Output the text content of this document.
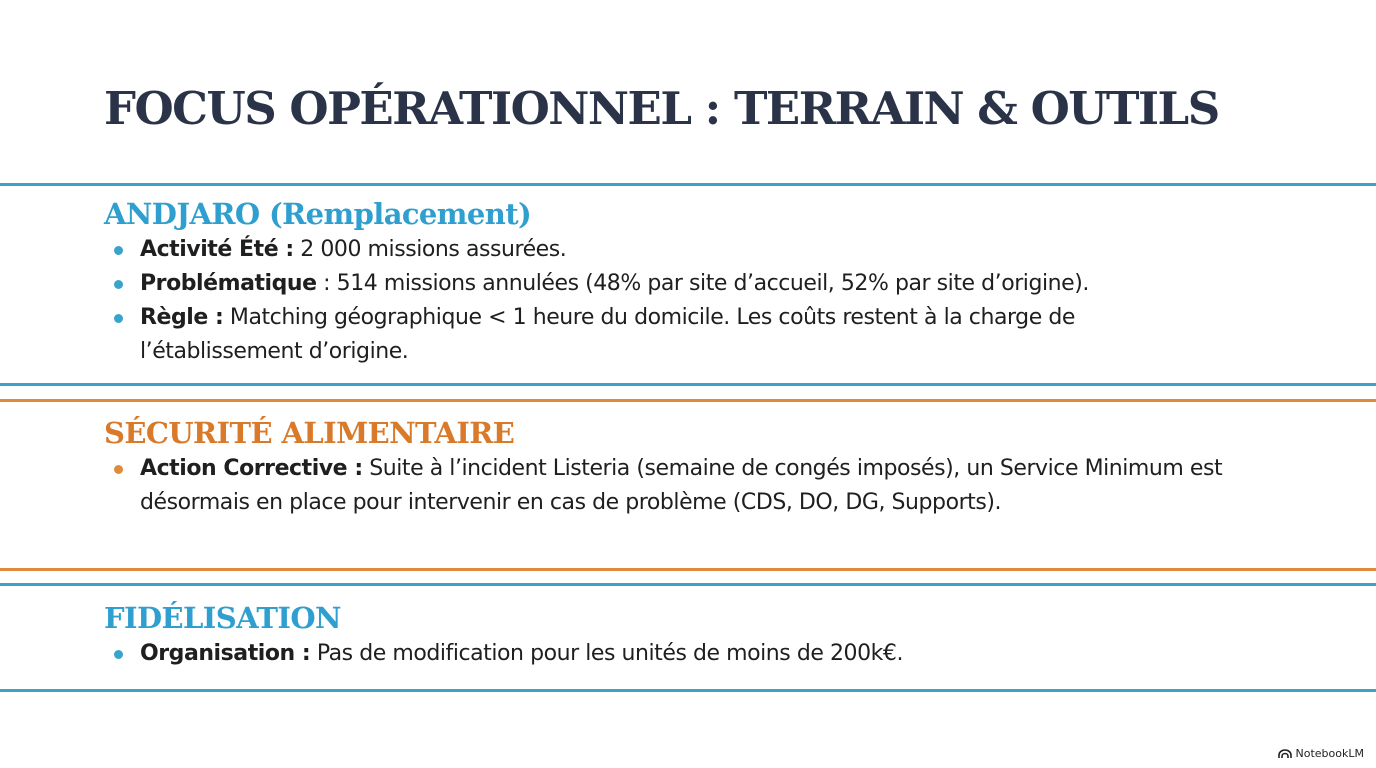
FOCUS OPÉRATIONNEL : TERRAIN & OUTILS
ANDJARO (Remplacement)
Activité Été : 2 000 missions assurées.
Problématique : 514 missions annulées (48% par site d’accueil, 52% par site d’origine).
Règle : Matching géographique < 1 heure du domicile. Les coûts restent à la charge de l’établissement d’origine.
SÉCURITÉ ALIMENTAIRE
Action Corrective : Suite à l’incident Listeria (semaine de congés imposés), un Service Minimum est désormais en place pour intervenir en cas de problème (CDS, DO, DG, Supports).
FIDÉLISATION
Organisation : Pas de modification pour les unités de moins de 200k€.
NotebookLM
